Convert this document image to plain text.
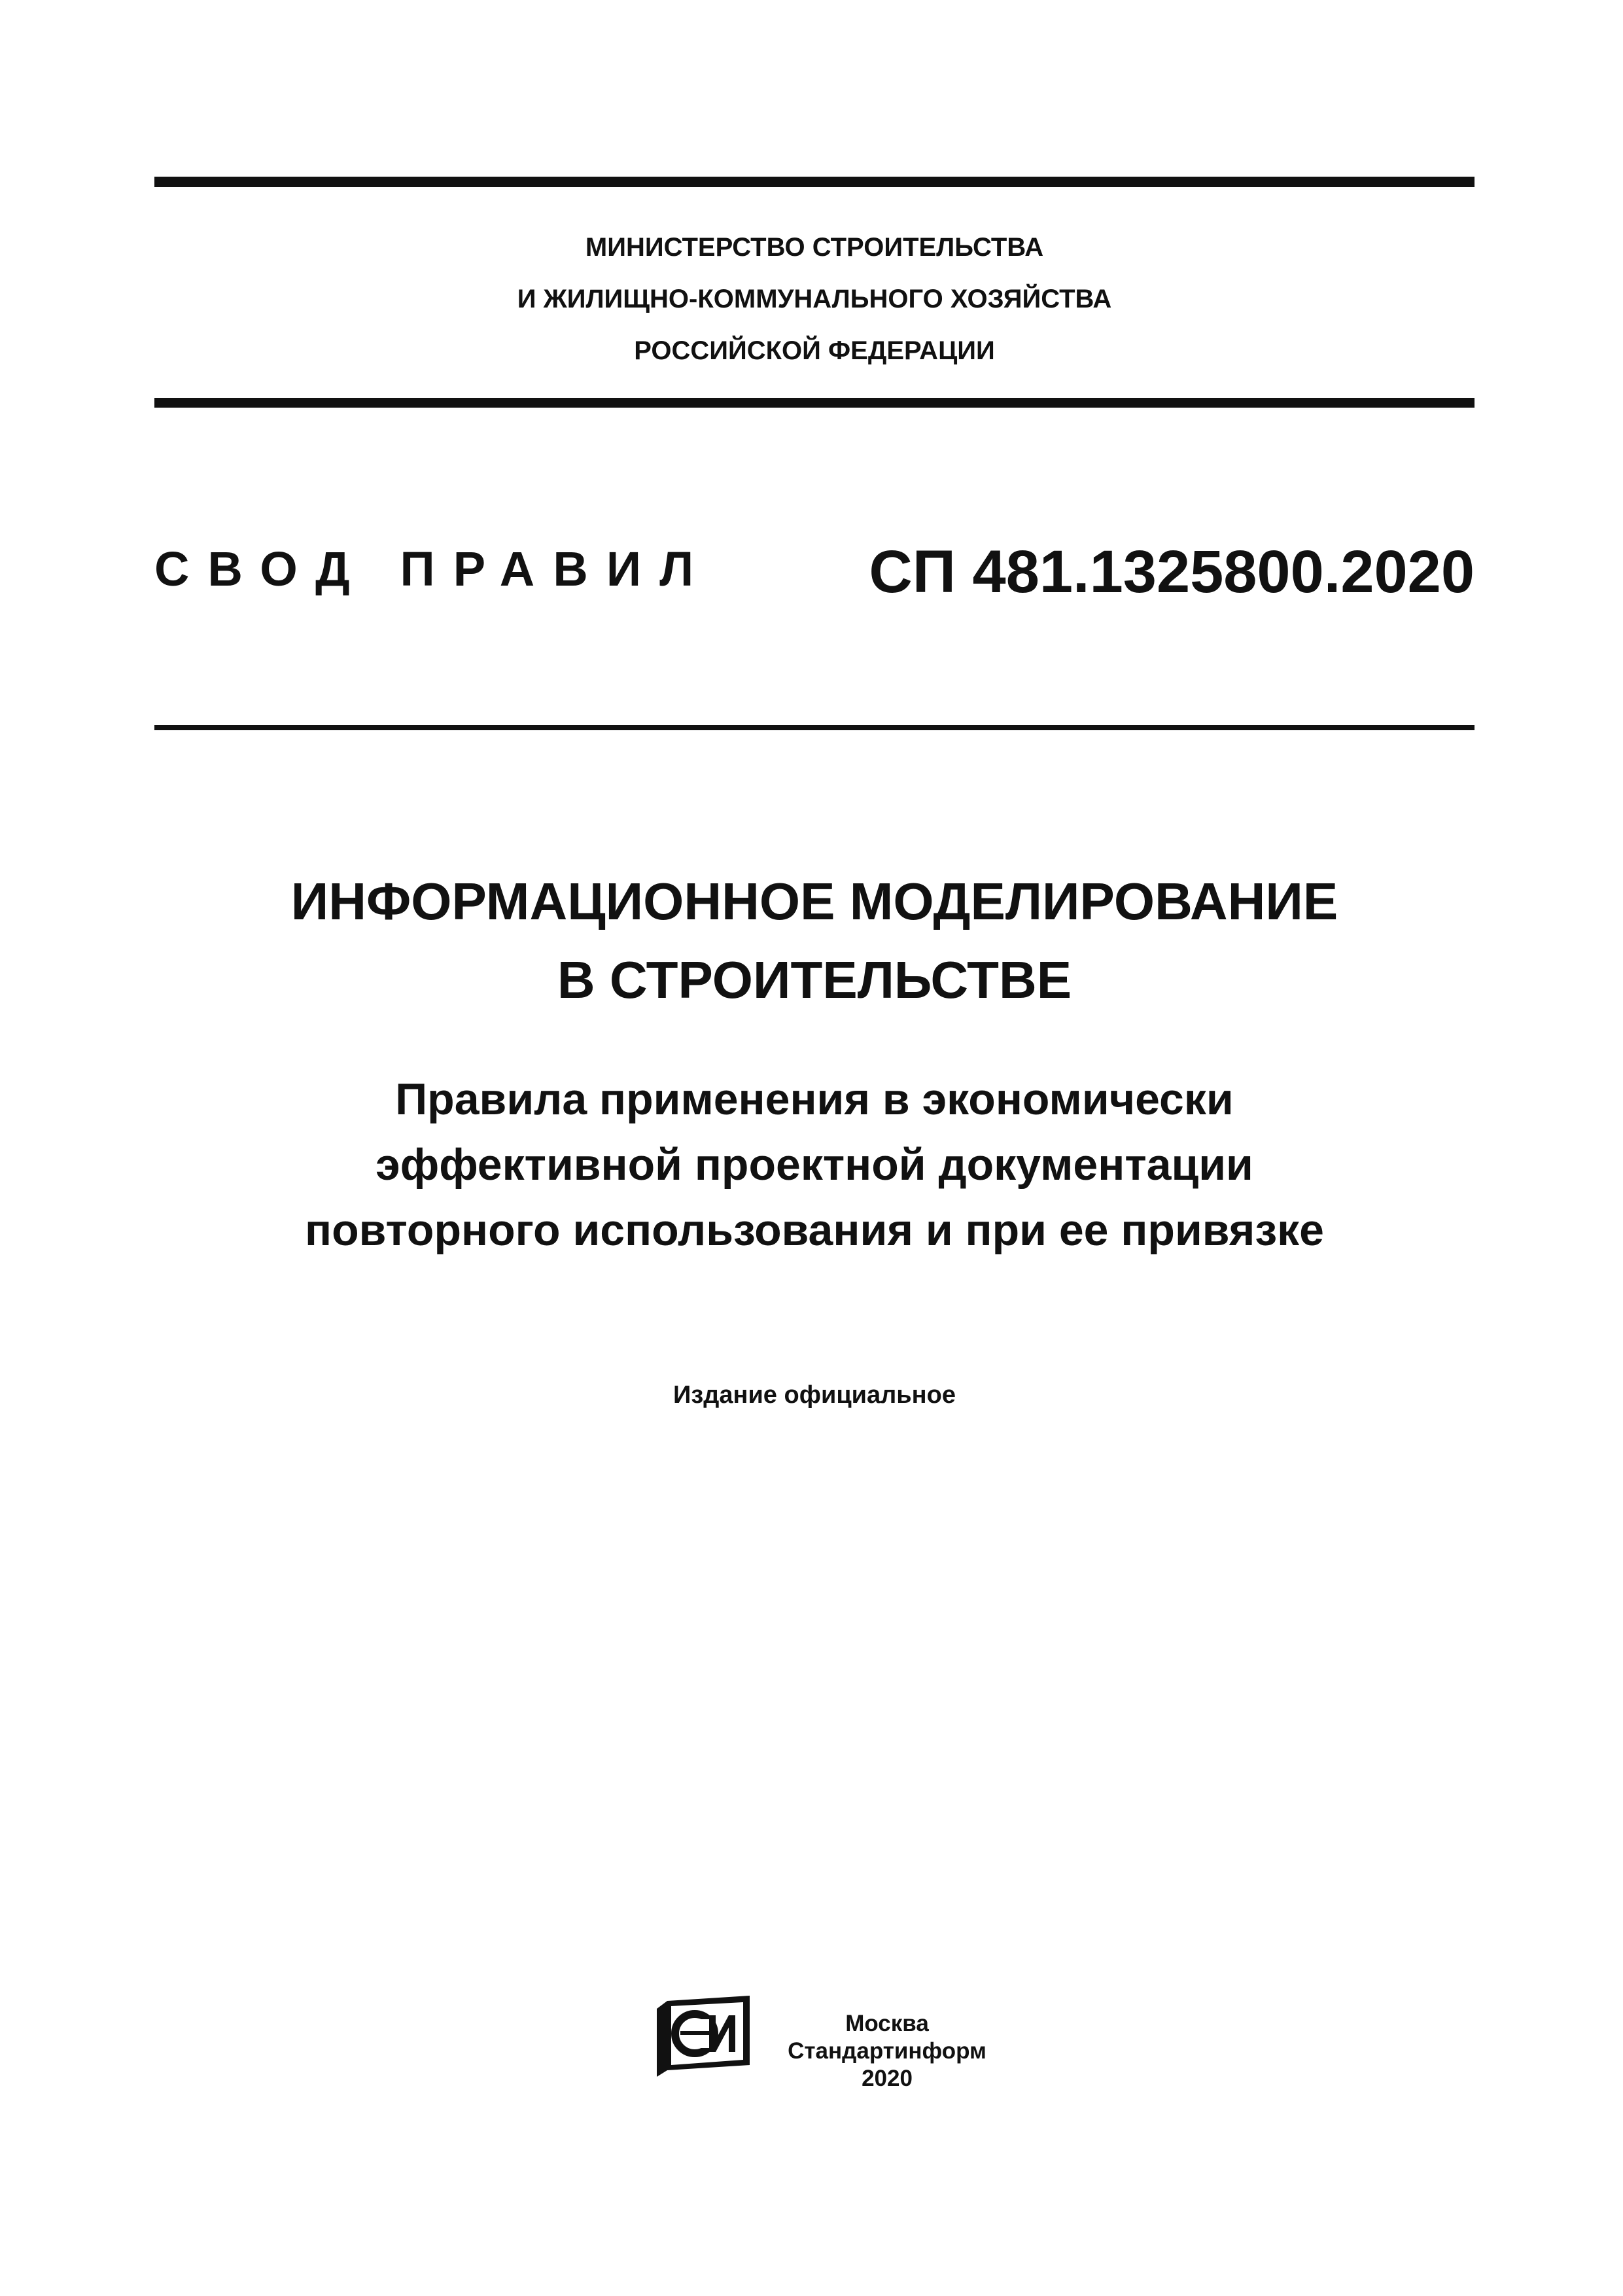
МИНИСТЕРСТВО СТРОИТЕЛЬСТВА
И ЖИЛИЩНО-КОММУНАЛЬНОГО ХОЗЯЙСТВА
РОССИЙСКОЙ ФЕДЕРАЦИИ
СВОД ПРАВИЛ	СП 481.1325800.2020
ИНФОРМАЦИОННОЕ МОДЕЛИРОВАНИЕ
В СТРОИТЕЛЬСТВЕ
Правила применения в экономически
эффективной проектной документации
повторного использования и при ее привязке
Издание официальное
Москва
Стандартинформ
2020
